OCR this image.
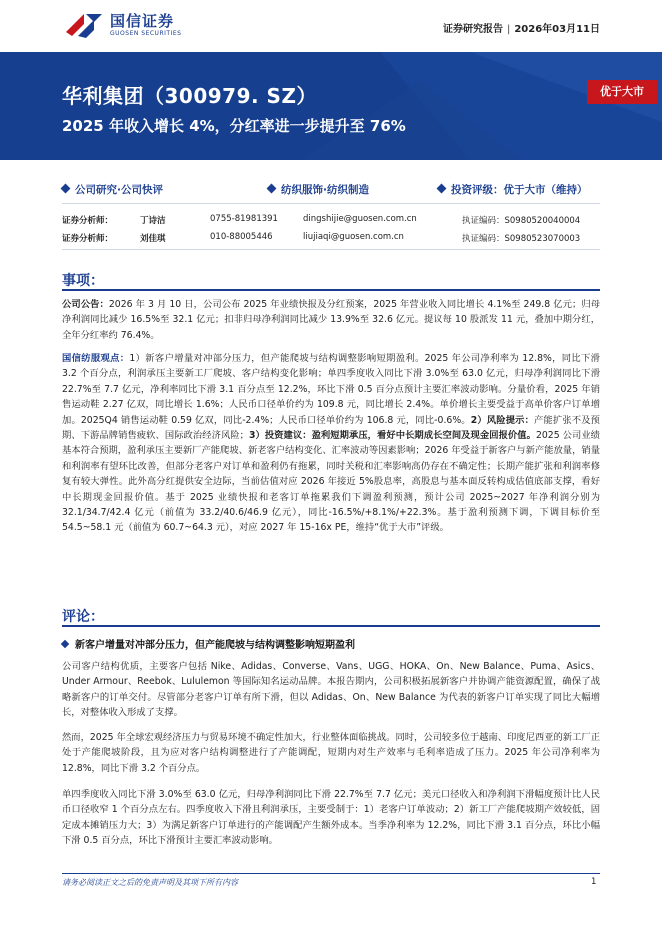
国信证券
GUOSEN SECURITIES	证券研究报告 | 2026年03月11日
华利集团（300979. SZ）
2025 年收入增长 4%，分红率进一步提升至 76%
优于大市
公司研究·公司快评	纺织服饰·纺织制造	投资评级：优于大市（维持）
证券分析师：	丁诗洁	0755-81981391	dingshijie@guosen.com.cn	执证编码：S0980520040004
证券分析师：	刘佳琪	010-88005446	liujiaqi@guosen.com.cn	执证编码：S0980523070003
事项：
公司公告：2026 年 3 月 10 日，公司公布 2025 年业绩快报及分红预案，2025 年营业收入同比增长 4.1%至 249.8 亿元；归母净利润同比减少 16.5%至 32.1 亿元；扣非归母净利润同比减少 13.9%至 32.6 亿元。提议每 10 股派发 11 元，叠加中期分红，全年分红率约 76.4%。
国信纺服观点：1）新客户增量对冲部分压力，但产能爬坡与结构调整影响短期盈利。2025 年公司净利率为 12.8%，同比下滑 3.2 个百分点，利润承压主要新工厂爬坡、客户结构变化影响；单四季度收入同比下滑 3.0%至 63.0 亿元，归母净利润同比下滑 22.7%至 7.7 亿元，净利率同比下滑 3.1 百分点至 12.2%，环比下滑 0.5 百分点预计主要汇率波动影响。分量价看，2025 年销售运动鞋 2.27 亿双，同比增长 1.6%；人民币口径单价约为 109.8 元，同比增长 2.4%。单价增长主要受益于高单价客户订单增加。2025Q4 销售运动鞋 0.59 亿双，同比-2.4%；人民币口径单价约为 106.8 元，同比-0.6%。2）风险提示：产能扩张不及预期、下游品牌销售疲软、国际政治经济风险；3）投资建议：盈利短期承压，看好中长期成长空间及现金回报价值。2025 公司业绩基本符合预期，盈利承压主要新厂产能爬坡、新老客户结构变化、汇率波动等因素影响；2026 年受益于新客户与新产能放量，销量和利润率有望环比改善，但部分老客户对订单和盈利仍有拖累，同时关税和汇率影响高仍存在不确定性；长期产能扩张和利润率修复有较大弹性。此外高分红提供安全边际，当前估值对应 2026 年接近 5%股息率，高股息与基本面反转构成估值底部支撑，看好中长期现金回报价值。基于 2025 业绩快报和老客订单拖累我们下调盈利预测，预计公司 2025~2027 年净利润分别为 32.1/34.7/42.4 亿元（前值为 33.2/40.6/46.9 亿元），同比-16.5%/+8.1%/+22.3%。基于盈利预测下调，下调目标价至 54.5~58.1 元（前值为 60.7~64.3 元），对应 2027 年 15-16x PE，维持“优于大市”评级。
评论：
新客户增量对冲部分压力，但产能爬坡与结构调整影响短期盈利
公司客户结构优质，主要客户包括 Nike、Adidas、Converse、Vans、UGG、HOKA、On、New Balance、Puma、Asics、Under Armour、Reebok、Lululemon 等国际知名运动品牌。本报告期内，公司积极拓展新客户并协调产能资源配置，确保了战略新客户的订单交付。尽管部分老客户订单有所下滑，但以 Adidas、On、New Balance 为代表的新客户订单实现了同比大幅增长，对整体收入形成了支撑。
然而，2025 年全球宏观经济压力与贸易环境不确定性加大，行业整体面临挑战。同时，公司较多位于越南、印度尼西亚的新工厂正处于产能爬坡阶段，且为应对客户结构调整进行了产能调配，短期内对生产效率与毛利率造成了压力。2025 年公司净利率为 12.8%，同比下滑 3.2 个百分点。
单四季度收入同比下滑 3.0%至 63.0 亿元，归母净利润同比下滑 22.7%至 7.7 亿元；美元口径收入和净利润下滑幅度预计比人民币口径收窄 1 个百分点左右。四季度收入下滑且利润承压，主要受制于：1）老客户订单波动；2）新工厂产能爬坡期产效较低，固定成本摊销压力大；3）为满足新客户订单进行的产能调配产生额外成本。当季净利率为 12.2%，同比下滑 3.1 百分点，环比小幅下滑 0.5 百分点，环比下滑预计主要汇率波动影响。
请务必阅读正文之后的免责声明及其项下所有内容	1
